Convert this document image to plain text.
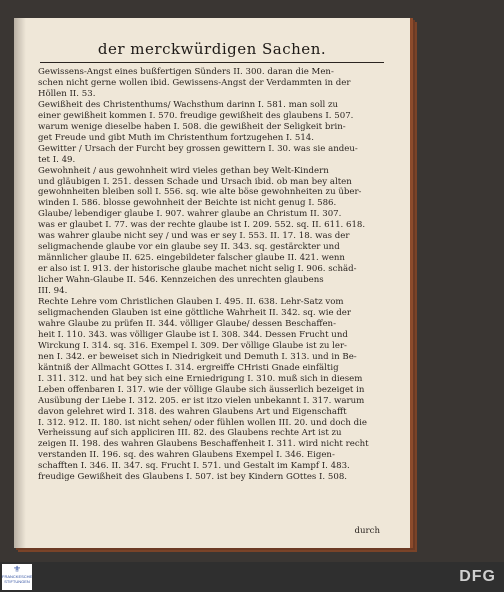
der merckwürdigen Sachen.
Gewissens-Angst eines bußfertigen Sünders II. 300. daran die Men-
schen nicht gerne wollen ibid. Gewissens-Angst der Verdammten in der
Höllen II. 53.
Gewißheit des Christenthums/ Wachsthum darinn I. 581. man soll zu
einer gewißheit kommen I. 570. freudige gewißheit des glaubens I. 507.
warum wenige dieselbe haben I. 508. die gewißheit der Seligkeit brin-
get Freude und gibt Muth im Christenthum fortzugehen I. 514.
Gewitter / Ursach der Furcht bey grossen gewittern I. 30. was sie andeu-
tet I. 49.
Gewohnheit / aus gewohnheit wird vieles gethan bey Welt-Kindern
und gläubigen I. 251. dessen Schade und Ursach ibid. ob man bey alten
gewohnheiten bleiben soll I. 556. sq. wie alte böse gewohnheiten zu über-
winden I. 586. blosse gewohnheit der Beichte ist nicht genug I. 586.
Glaube/ lebendiger glaube I. 907. wahrer glaube an Christum II. 307.
was er glaubet I. 77. was der rechte glaube ist I. 209. 552. sq. II. 611. 618.
was wahrer glaube nicht sey / und was er sey I. 553. II. 17. 18. was der
seligmachende glaube vor ein glaube sey II. 343. sq. gestärckter und
männlicher glaube II. 625. eingebildeter falscher glaube II. 421. wenn
er also ist I. 913. der historische glaube machet nicht selig I. 906. schäd-
licher Wahn-Glaube II. 546. Kennzeichen des unrechten glaubens
III. 94.
Rechte Lehre vom Christlichen Glauben I. 495. II. 638. Lehr-Satz vom
seligmachenden Glauben ist eine göttliche Wahrheit II. 342. sq. wie der
wahre Glaube zu prüfen II. 344. völliger Glaube/ dessen Beschaffen-
heit I. 110. 343. was völliger Glaube ist I. 308. 344. Dessen Frucht und
Wirckung I. 314. sq. 316. Exempel I. 309. Der völlige Glaube ist zu ler-
nen I. 342. er beweiset sich in Niedrigkeit und Demuth I. 313. und in Be-
käntniß der Allmacht GOttes I. 314. ergreiffe CHristi Gnade einfältig
I. 311. 312. und hat bey sich eine Erniedrigung I. 310. muß sich in diesem
Leben offenbaren I. 317. wie der völlige Glaube sich äusserlich bezeiget in
Ausübung der Liebe I. 312. 205. er ist itzo vielen unbekannt I. 317. warum
davon gelehret wird I. 318. des wahren Glaubens Art und Eigenschafft
I. 312. 912. II. 180. ist nicht sehen/ oder fühlen wollen III. 20. und doch die
Verheissung auf sich appliciren III. 82. des Glaubens rechte Art ist zu
zeigen II. 198. des wahren Glaubens Beschaffenheit I. 311. wird nicht recht
verstanden II. 196. sq. des wahren Glaubens Exempel I. 346. Eigen-
schafften I. 346. II. 347. sq. Frucht I. 571. und Gestalt im Kampf I. 483.
freudige Gewißheit des Glaubens I. 507. ist bey Kindern GOttes I. 508.
durch
⚜
FRANCKESCHE
STIFTUNGEN	DFG
